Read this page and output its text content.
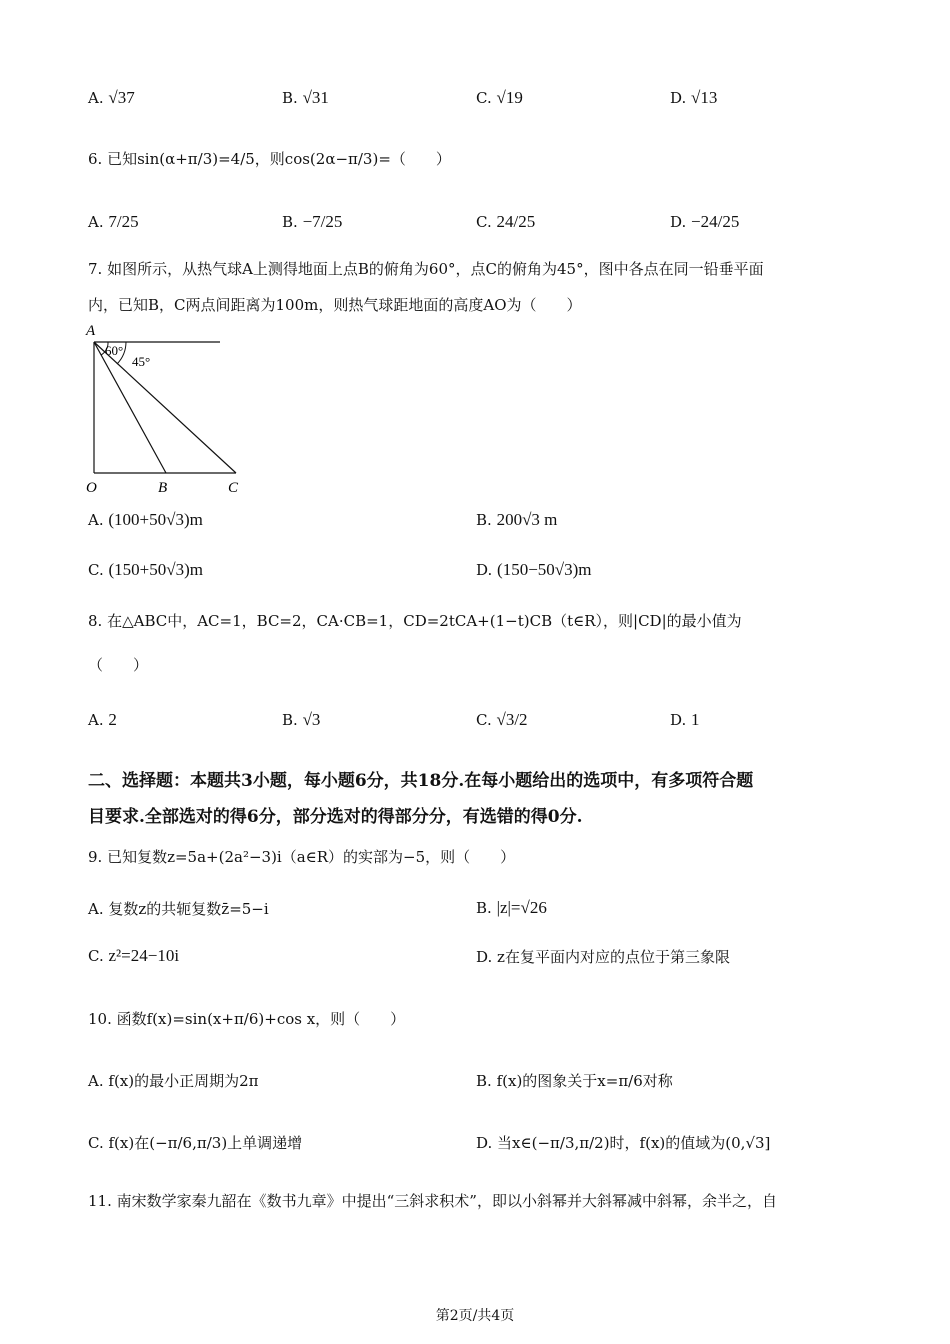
A. √37	B. √31	C. √19	D. √13
6. 已知sin(α+π/3)=4/5，则cos(2α−π/3)=（　　）
A. 7/25	B. −7/25	C. 24/25	D. −24/25
7. 如图所示，从热气球A上测得地面上点B的俯角为60°，点C的俯角为45°，图中各点在同一铅垂平面
内，已知B，C两点间距离为100m，则热气球距地面的高度AO为（　　）
A
O	B	C
60°
45°
A. (100+50√3)m	B. 200√3 m
C. (150+50√3)m	D. (150−50√3)m
8. 在△ABC中，AC=1，BC=2，CA·CB=1，CD=2tCA+(1−t)CB（t∈R），则|CD|的最小值为
（　　）
A. 2	B. √3	C. √3/2	D. 1
二、选择题：本题共3小题，每小题6分，共18分.在每小题给出的选项中，有多项符合题
目要求.全部选对的得6分，部分选对的得部分分，有选错的得0分.
9. 已知复数z=5a+(2a²−3)i（a∈R）的实部为−5，则（　　）
A. 复数z的共轭复数z̄=5−i	B. |z|=√26
C. z²=24−10i	D. z在复平面内对应的点位于第三象限
10. 函数f(x)=sin(x+π/6)+cos x，则（　　）
A. f(x)的最小正周期为2π	B. f(x)的图象关于x=π/6对称
C. f(x)在(−π/6,π/3)上单调递增	D. 当x∈(−π/3,π/2)时，f(x)的值域为(0,√3]
11. 南宋数学家秦九韶在《数书九章》中提出“三斜求积术”，即以小斜幂并大斜幂减中斜幂，余半之，自
第2页/共4页
